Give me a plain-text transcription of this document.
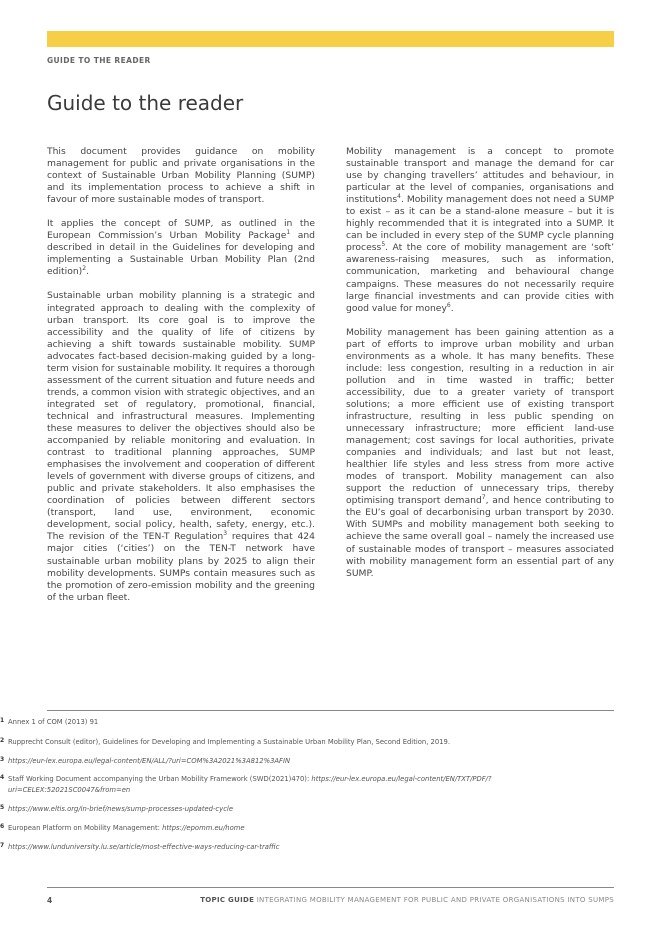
GUIDE TO THE READER
Guide to the reader

This document provides guidance on mobility management for public and private organisations in the context of Sustainable Urban Mobility Planning (SUMP) and its implementation process to achieve a shift in favour of more sustainable modes of transport.

It applies the concept of SUMP, as outlined in the European Commission’s Urban Mobility Package$^1$ and described in detail in the Guidelines for developing and implementing a Sustainable Urban Mobility Plan (2nd edition)$^2$.

Sustainable urban mobility planning is a strategic and integrated approach to dealing with the complexity of urban transport. Its core goal is to improve the accessibility and the quality of life of citizens by achieving a shift towards sustainable mobility. SUMP advocates fact-based decision-making guided by a long-term vision for sustainable mobility. It requires a thorough assessment of the current situation and future needs and trends, a common vision with strategic objectives, and an integrated set of regulatory, promotional, financial, technical and infrastructural measures. Implementing these measures to deliver the objectives should also be accompanied by reliable monitoring and evaluation. In contrast to traditional planning approaches, SUMP emphasises the involvement and cooperation of different levels of government with diverse groups of citizens, and public and private stakeholders. It also emphasises the coordination of policies between different sectors (transport, land use, environment, economic development, social policy, health, safety, energy, etc.). The revision of the TEN-T Regulation$^3$ requires that 424 major cities (‘cities’) on the TEN-T network have sustainable urban mobility plans by 2025 to align their mobility developments. SUMPs contain measures such as the promotion of zero-emission mobility and the greening of the urban fleet.

Mobility management is a concept to promote sustainable transport and manage the demand for car use by changing travellers’ attitudes and behaviour, in particular at the level of companies, organisations and institutions$^4$. Mobility management does not need a SUMP to exist – as it can be a stand-alone measure – but it is highly recommended that it is integrated into a SUMP. It can be included in every step of the SUMP cycle planning process$^5$. At the core of mobility management are ‘soft’ awareness-raising measures, such as information, communication, marketing and behavioural change campaigns. These measures do not necessarily require large financial investments and can provide cities with good value for money$^6$.

Mobility management has been gaining attention as a part of efforts to improve urban mobility and urban environments as a whole. It has many benefits. These include: less congestion, resulting in a reduction in air pollution and in time wasted in traffic; better accessibility, due to a greater variety of transport solutions; a more efficient use of existing transport infrastructure, resulting in less public spending on unnecessary infrastructure; more efficient land-use management; cost savings for local authorities, private companies and individuals; and last but not least, healthier life styles and less stress from more active modes of transport. Mobility management can also support the reduction of unnecessary trips, thereby optimising transport demand$^7$, and hence contributing to the EU’s goal of decarbonising urban transport by 2030. With SUMPs and mobility management both seeking to achieve the same overall goal – namely the increased use of sustainable modes of transport – measures associated with mobility management form an essential part of any SUMP.

1 Annex 1 of COM (2013) 91
2 Rupprecht Consult (editor), Guidelines for Developing and Implementing a Sustainable Urban Mobility Plan, Second Edition, 2019.
3 https://eur-lex.europa.eu/legal-content/EN/ALL/?uri=COM%3A2021%3A812%3AFIN
4 Staff Working Document accompanying the Urban Mobility Framework (SWD(2021)470): https://eur-lex.europa.eu/legal-content/EN/TXT/PDF/?uri=CELEX:52021SC0047&from=en
5 https://www.eltis.org/in-brief/news/sump-processes-updated-cycle
6 European Platform on Mobility Management: https://epomm.eu/home
7 https://www.lunduniversity.lu.se/article/most-effective-ways-reducing-car-traffic
4	TOPIC GUIDE INTEGRATING MOBILITY MANAGEMENT FOR PUBLIC AND PRIVATE ORGANISATIONS INTO SUMPS
